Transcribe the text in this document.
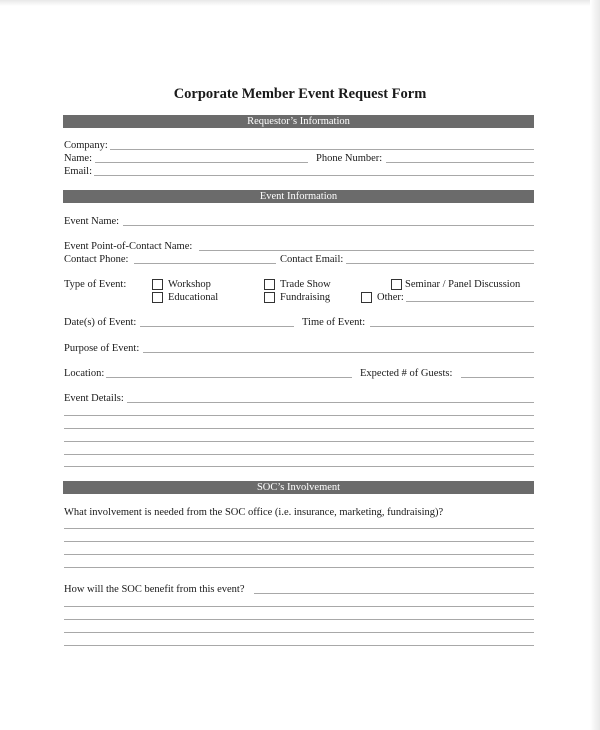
Corporate Member Event Request Form
Requestor’s Information
Company:
Name:	Phone Number:
Email:
Event Information
Event Name:
Event Point-of-Contact Name:
Contact Phone:	Contact Email:
Type of Event:	Workshop	Trade Show	Seminar / Panel Discussion
Educational	Fundraising	Other:
Date(s) of Event:	Time of Event:
Purpose of Event:
Location:	Expected # of Guests:
Event Details:
SOC’s Involvement
What involvement is needed from the SOC office (i.e. insurance, marketing, fundraising)?
How will the SOC benefit from this event?
